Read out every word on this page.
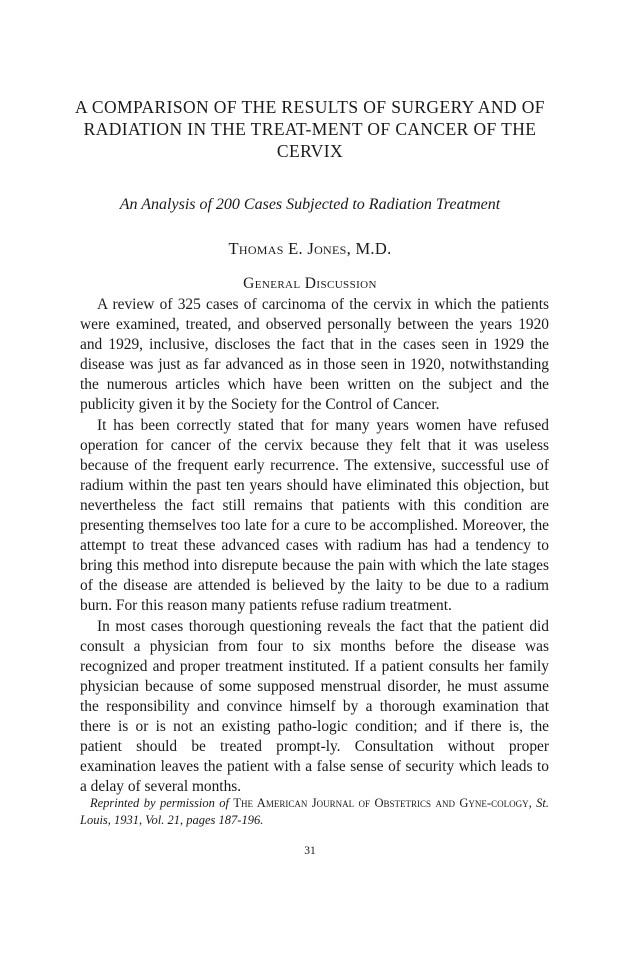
A COMPARISON OF THE RESULTS OF SURGERY AND OF RADIATION IN THE TREAT-MENT OF CANCER OF THE CERVIX

An Analysis of 200 Cases Subjected to Radiation Treatment

Thomas E. Jones, M.D.

General Discussion

A review of 325 cases of carcinoma of the cervix in which the patients were examined, treated, and observed personally between the years 1920 and 1929, inclusive, discloses the fact that in the cases seen in 1929 the disease was just as far advanced as in those seen in 1920, notwithstanding the numerous articles which have been written on the subject and the publicity given it by the Society for the Control of Cancer.

It has been correctly stated that for many years women have refused operation for cancer of the cervix because they felt that it was useless because of the frequent early recurrence. The extensive, successful use of radium within the past ten years should have eliminated this objection, but nevertheless the fact still remains that patients with this condition are presenting themselves too late for a cure to be accomplished. Moreover, the attempt to treat these advanced cases with radium has had a tendency to bring this method into disrepute because the pain with which the late stages of the disease are attended is believed by the laity to be due to a radium burn. For this reason many patients refuse radium treatment.

In most cases thorough questioning reveals the fact that the patient did consult a physician from four to six months before the disease was recognized and proper treatment instituted. If a patient consults her family physician because of some supposed menstrual disorder, he must assume the responsibility and convince himself by a thorough examination that there is or is not an existing patho-logic condition; and if there is, the patient should be treated prompt-ly. Consultation without proper examination leaves the patient with a false sense of security which leads to a delay of several months.

Reprinted by permission of The American Journal of Obstetrics and Gyne-cology, St. Louis, 1931, Vol. 21, pages 187-196.

31
